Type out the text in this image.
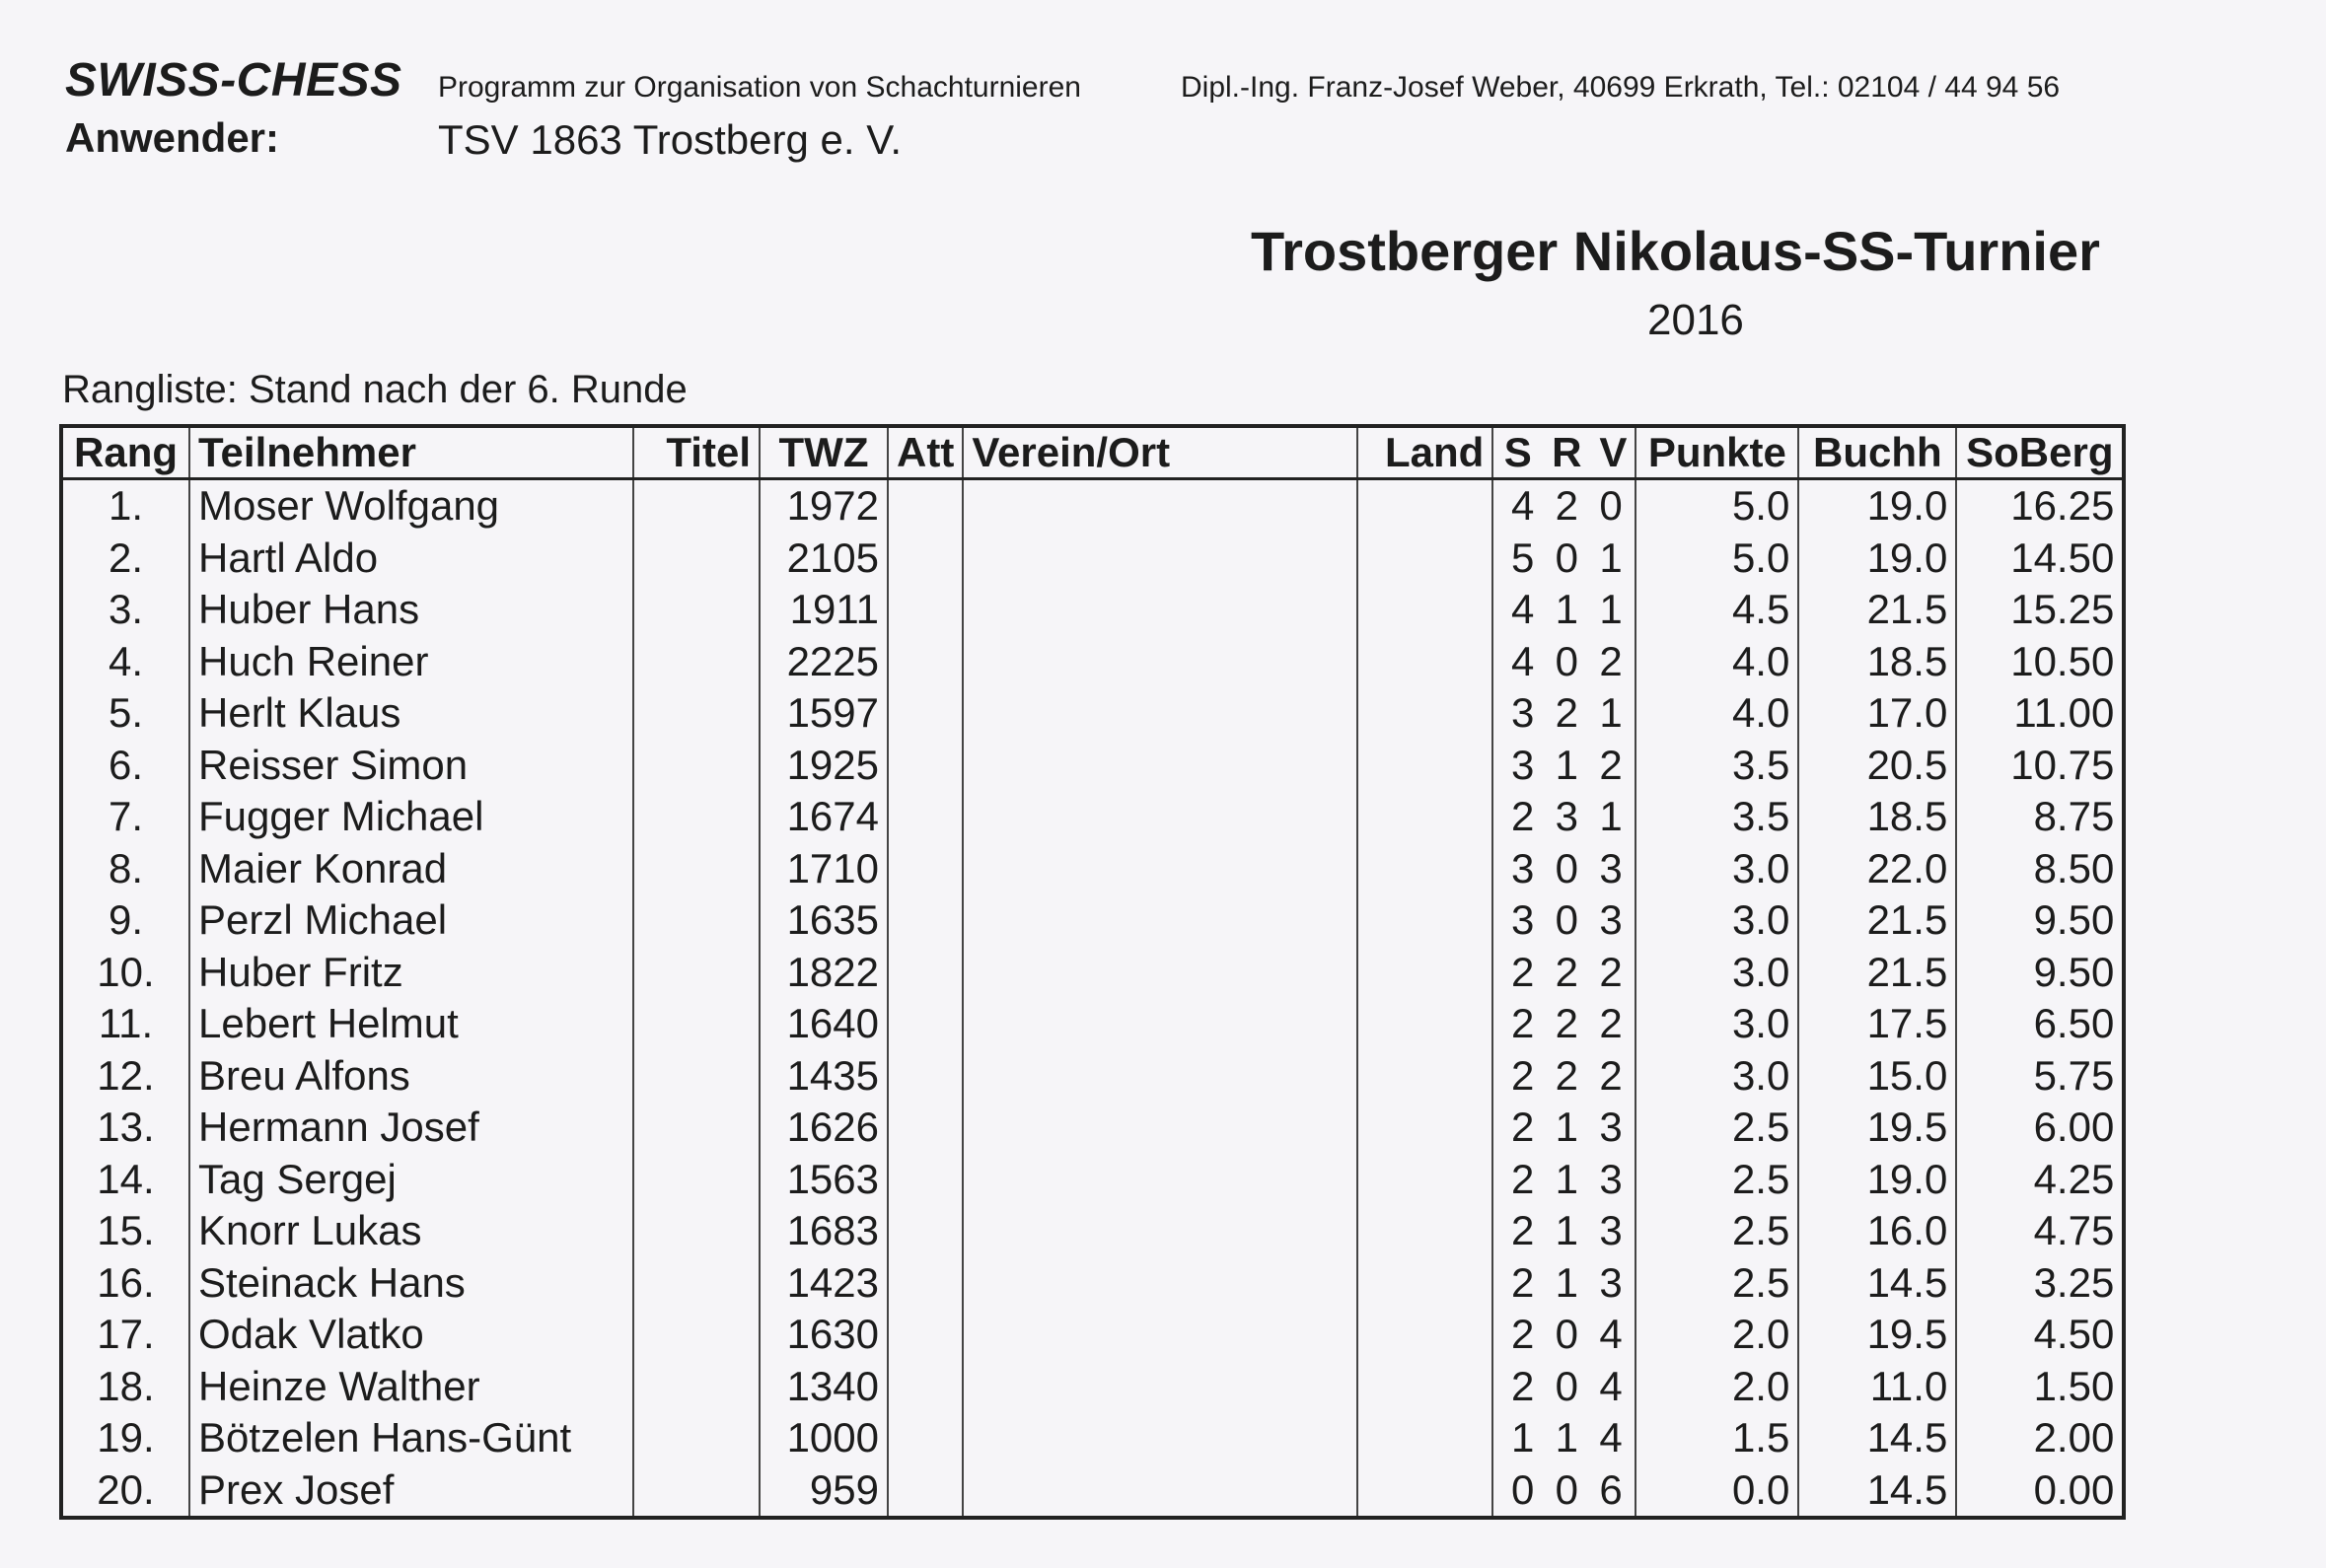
SWISS-CHESS Programm zur Organisation von Schachturnieren	Dipl.-Ing. Franz-Josef Weber, 40699 Erkrath, Tel.: 02104 / 44 94 56
Anwender:	TSV 1863 Trostberg e. V.
Trostberger Nikolaus-SS-Turnier
2016
Rangliste: Stand nach der 6. Runde
Rang	Teilnehmer	Titel	TWZ	Att	Verein/Ort	Land	S	R	V	Punkte	Buchh	SoBerg
1.	Moser Wolfgang		1972				4	2	0	5.0	19.0	16.25
2.	Hartl Aldo		2105				5	0	1	5.0	19.0	14.50
3.	Huber Hans		1911				4	1	1	4.5	21.5	15.25
4.	Huch Reiner		2225				4	0	2	4.0	18.5	10.50
5.	Herlt Klaus		1597				3	2	1	4.0	17.0	11.00
6.	Reisser Simon		1925				3	1	2	3.5	20.5	10.75
7.	Fugger Michael		1674				2	3	1	3.5	18.5	8.75
8.	Maier Konrad		1710				3	0	3	3.0	22.0	8.50
9.	Perzl Michael		1635				3	0	3	3.0	21.5	9.50
10.	Huber Fritz		1822				2	2	2	3.0	21.5	9.50
11.	Lebert Helmut		1640				2	2	2	3.0	17.5	6.50
12.	Breu Alfons		1435				2	2	2	3.0	15.0	5.75
13.	Hermann Josef		1626				2	1	3	2.5	19.5	6.00
14.	Tag Sergej		1563				2	1	3	2.5	19.0	4.25
15.	Knorr Lukas		1683				2	1	3	2.5	16.0	4.75
16.	Steinack Hans		1423				2	1	3	2.5	14.5	3.25
17.	Odak Vlatko		1630				2	0	4	2.0	19.5	4.50
18.	Heinze Walther		1340				2	0	4	2.0	11.0	1.50
19.	Bötzelen Hans-Günt		1000				1	1	4	1.5	14.5	2.00
20.	Prex Josef		959				0	0	6	0.0	14.5	0.00
